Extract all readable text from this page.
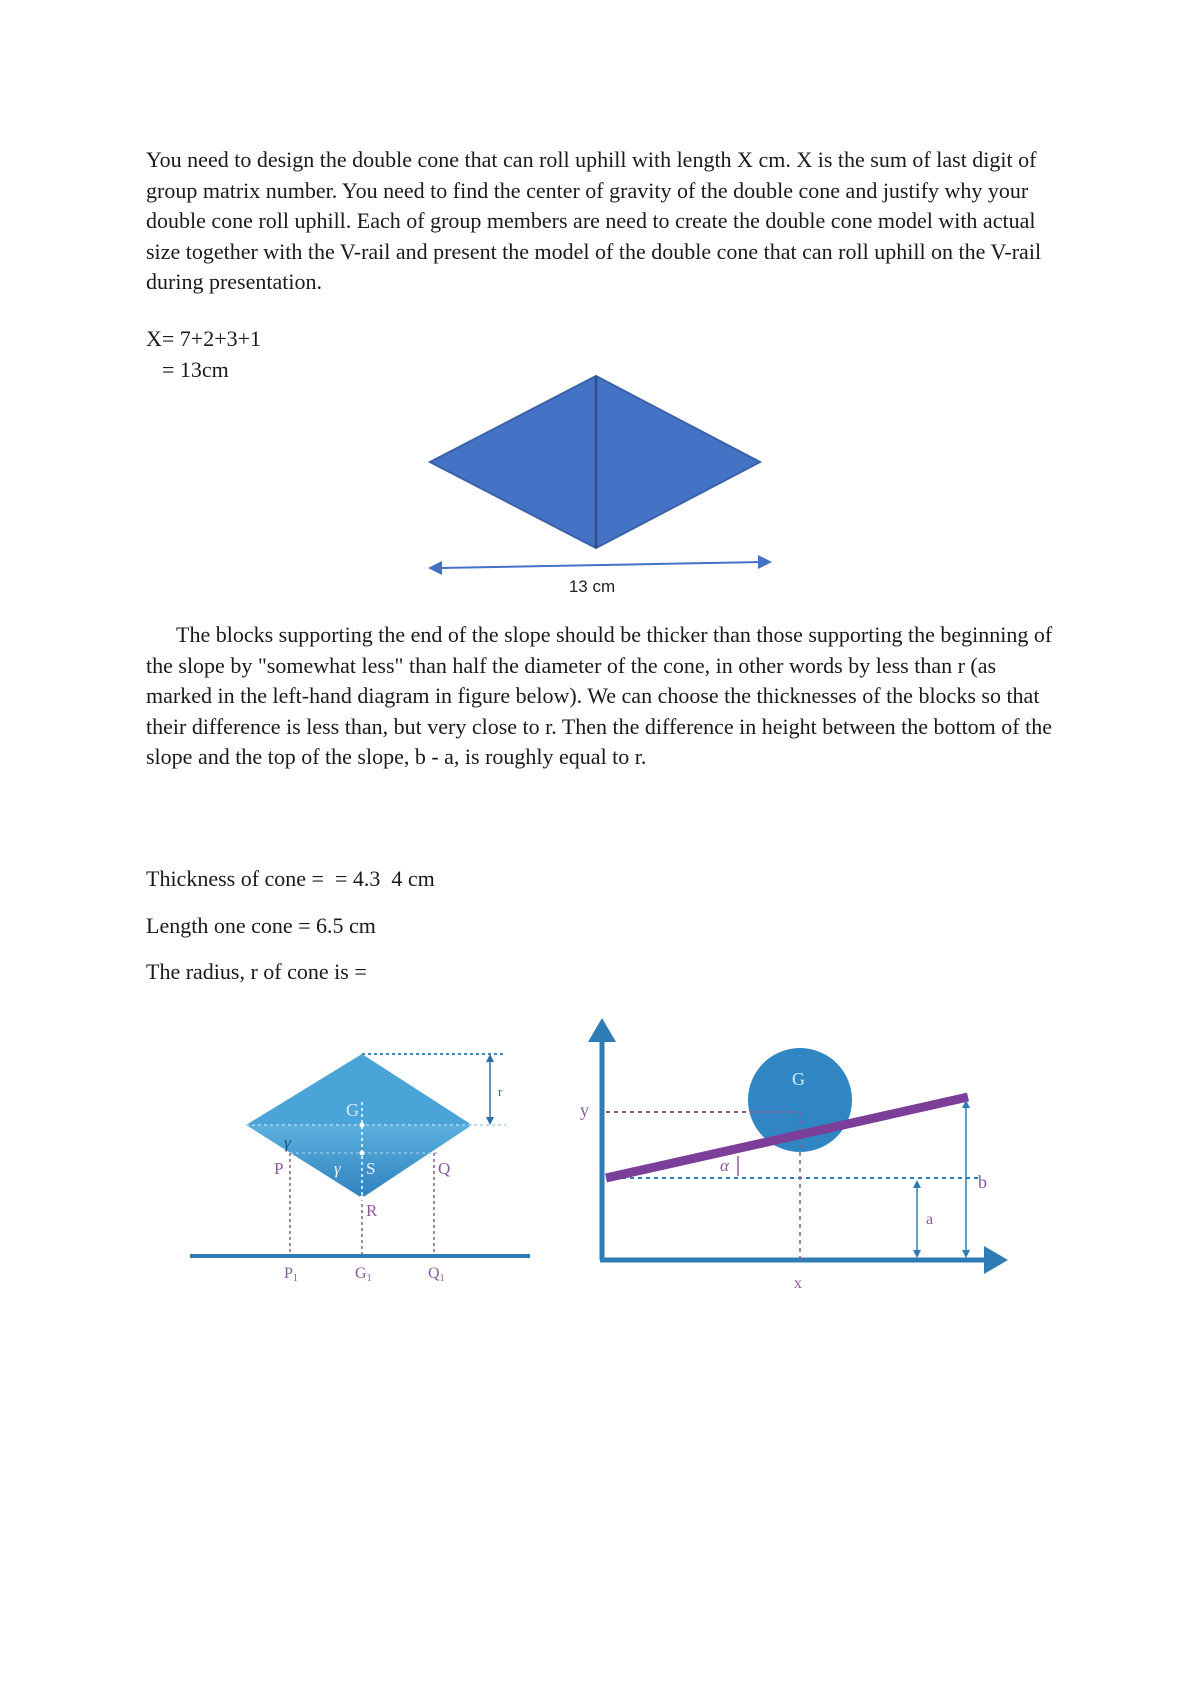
You need to design the double cone that can roll uphill with length X cm. X is the sum of last digit of group matrix number. You need to find the center of gravity of the double cone and justify why your double cone roll uphill. Each of group members are need to create the double cone model with actual size together with the V-rail and present the model of the double cone that can roll uphill on the V-rail during presentation.

X= 7+2+3+1
= 13cm
13 cm

The blocks supporting the end of the slope should be thicker than those supporting the beginning of the slope by "somewhat less" than half the diameter of the cone, in other words by less than r (as marked in the left-hand diagram in figure below). We can choose the thicknesses of the blocks so that their difference is less than, but very close to r. Then the difference in height between the bottom of the slope and the top of the slope, b - a, is roughly equal to r.

Thickness of cone =  = 4.3  4 cm
Length one cone = 6.5 cm
The radius, r of cone is =
r
G
γ
γ S
P	Q
R
P1	G1	Q1
y
G
α
a
b
x
